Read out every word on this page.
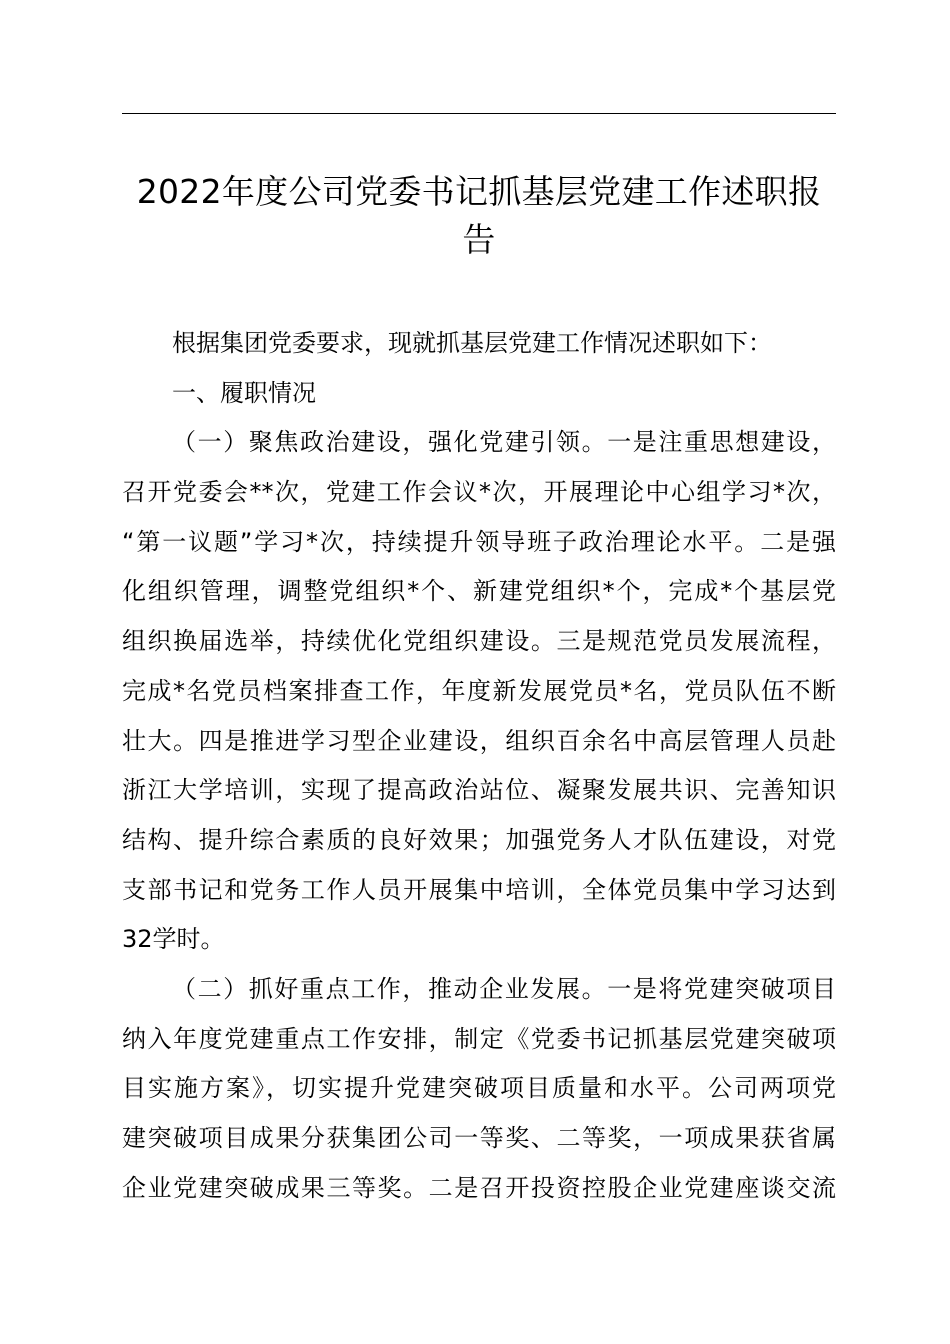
2022年度公司党委书记抓基层党建工作述职报
告
根据集团党委要求，现就抓基层党建工作情况述职如下：
一、履职情况
（一）聚焦政治建设，强化党建引领。一是注重思想建设，
召开党委会**次，党建工作会议*次，开展理论中心组学习*次，
“第一议题”学习*次，持续提升领导班子政治理论水平。二是强
化组织管理，调整党组织*个、新建党组织*个，完成*个基层党
组织换届选举，持续优化党组织建设。三是规范党员发展流程，
完成*名党员档案排查工作，年度新发展党员*名，党员队伍不断
壮大。四是推进学习型企业建设，组织百余名中高层管理人员赴
浙江大学培训，实现了提高政治站位、凝聚发展共识、完善知识
结构、提升综合素质的良好效果；加强党务人才队伍建设，对党
支部书记和党务工作人员开展集中培训，全体党员集中学习达到
32学时。
（二）抓好重点工作，推动企业发展。一是将党建突破项目
纳入年度党建重点工作安排，制定《党委书记抓基层党建突破项
目实施方案》，切实提升党建突破项目质量和水平。公司两项党
建突破项目成果分获集团公司一等奖、二等奖，一项成果获省属
企业党建突破成果三等奖。二是召开投资控股企业党建座谈交流
